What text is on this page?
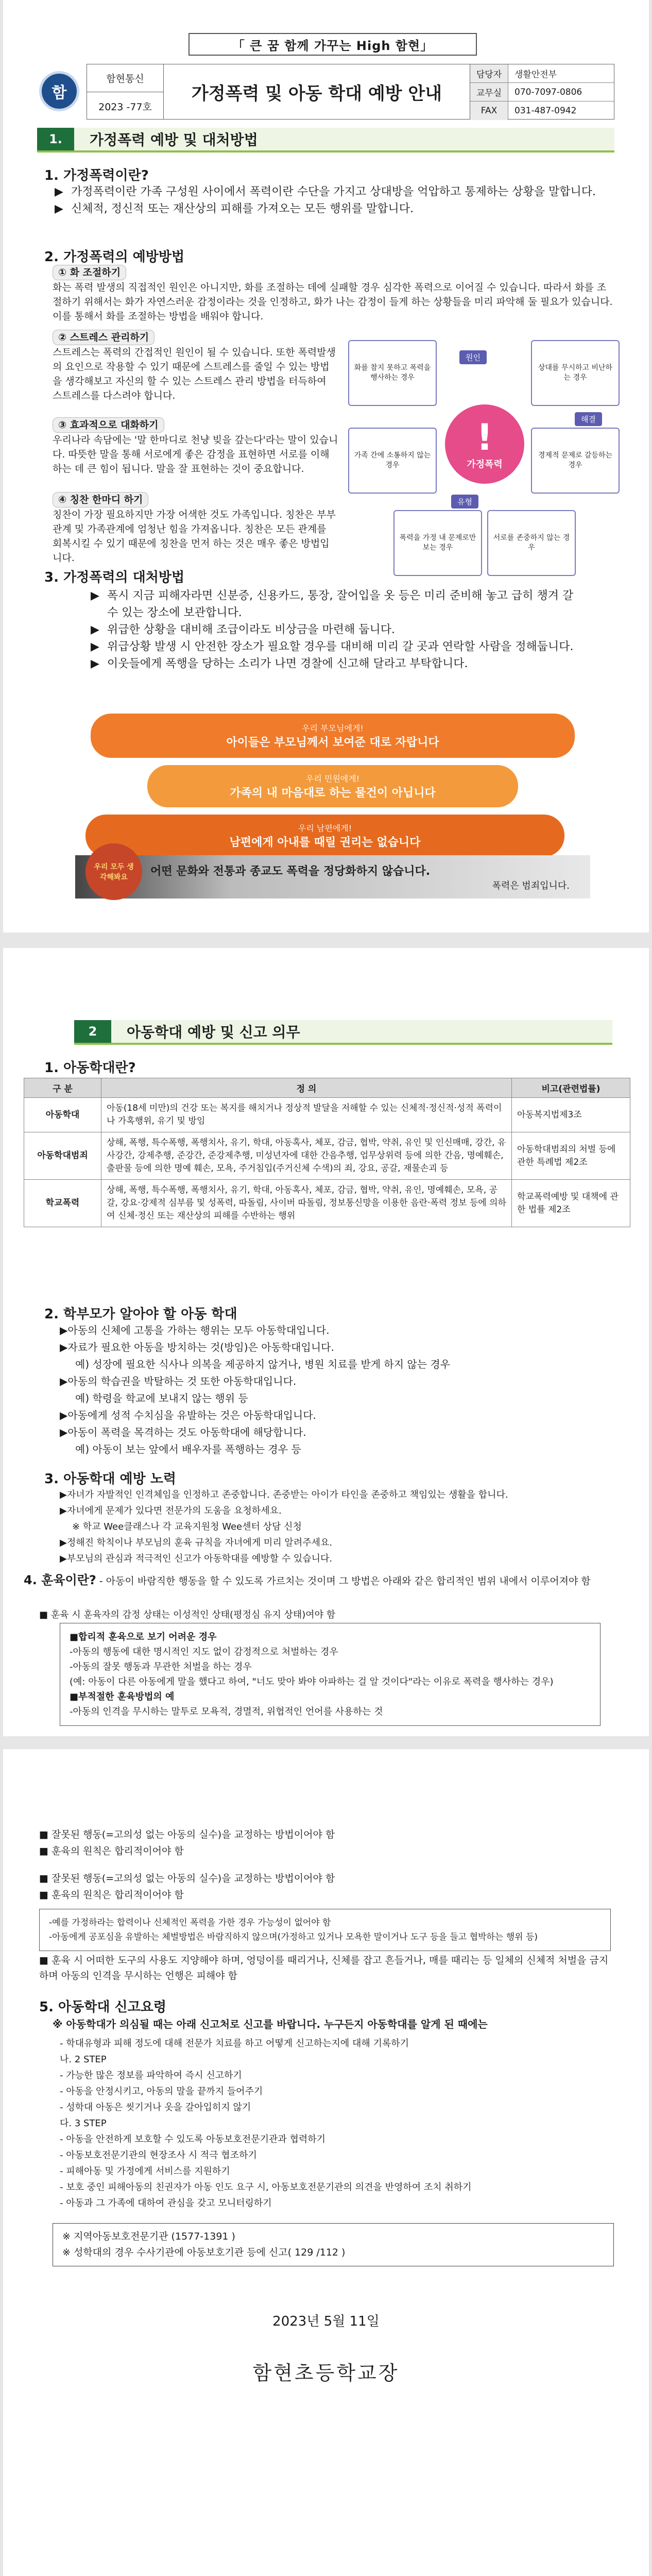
「 큰 꿈 함께 가꾸는 High 함현」
함
함현통신
2023 -77호
가정폭력 및 아동 학대 예방 안내
담당자	생활안전부
교무실	070-7097-0806
FAX	031-487-0942
1.	가정폭력 예방 및 대처방법
1. 가정폭력이란?
▶ 가정폭력이란 가족 구성원 사이에서 폭력이란 수단을 가지고 상대방을 억압하고 통제하는 상황을 말합니다.
▶ 신체적, 정신적 또는 재산상의 피해를 가져오는 모든 행위를 말합니다.
2. 가정폭력의 예방방법
① 화 조절하기
화는 폭력 발생의 직접적인 원인은 아니지만, 화를 조절하는 데에 실패할 경우 심각한 폭력으로 이어질 수 있습니다. 따라서 화를 조절하기 위해서는 화가 자연스러운 감정이라는 것을 인정하고, 화가 나는 감정이 들게 하는 상황들을 미리 파악해 둘 필요가 있습니다. 이를 통해서 화를 조절하는 방법을 배워야 합니다.
② 스트레스 관리하기
스트레스는 폭력의 간접적인 원인이 될 수 있습니다. 또한 폭력발생의 요인으로 작용할 수 있기 때문에 스트레스를 줄일 수 있는 방법을 생각해보고 자신의 할 수 있는 스트레스 관리 방법을 터득하여 스트레스를 다스려야 합니다.
③ 효과적으로 대화하기
우리나라 속담에는 '말 한마디로 천냥 빚을 갚는다'라는 말이 있습니다. 따뜻한 말을 통해 서로에게 좋은 감정을 표현하면 서로를 이해하는 데 큰 힘이 됩니다. 말을 잘 표현하는 것이 중요합니다.
④ 칭찬 한마디 하기
칭찬이 가장 필요하지만 가장 어색한 것도 가족입니다. 칭찬은 부부관계 및 가족관계에 엄청난 힘을 가져옵니다. 칭찬은 모든 관계를 회복시킬 수 있기 때문에 칭찬을 먼저 하는 것은 매우 좋은 방법입니다.
화를 참지 못하고 폭력을 행사하는 경우
상대를 무시하고 비난하는 경우
가족 간에 소통하지 않는 경우
경제적 문제로 갈등하는 경우
폭력을 가정 내 문제로만 보는 경우
서로를 존중하지 않는 경우
!
가정폭력
원인
유형
해결
3. 가정폭력의 대처방법
▶ 폭시 지금 피해자라면 신분증, 신용카드, 통장, 잘어입을 옷 등은 미리 준비해 놓고 급히 챙겨 갈 수 있는 장소에 보관합니다.
▶ 위급한 상황을 대비해 조급이라도 비상금을 마련해 둡니다.
▶ 위급상황 발생 시 안전한 장소가 필요할 경우를 대비해 미리 갈 곳과 연락할 사람을 정해둡니다.
▶ 이웃들에게 폭행을 당하는 소리가 나면 경찰에 신고해 달라고 부탁합니다.
우리 부모님에게!
아이들은 부모님께서 보여준 대로 자랍니다
우리 민원에게!
가족의 내 마음대로 하는 물건이 아닙니다
우리 남편에게!
남편에게 아내를 때릴 권리는 없습니다
우리 모두 생각해봐요	어떤 문화와 전통과 종교도 폭력을 정당화하지 않습니다.
폭력은 범죄입니다.
2	아동학대 예방 및 신고 의무
1. 아동학대란?
구 분	정 의	비고(관련법률)
아동학대	아동(18세 미만)의 건강 또는 복지를 해치거나 정상적 발달을 저해할 수 있는 신체적·정신적·성적 폭력이나 가혹행위, 유기 및 방임	아동복지법제3조
아동학대범죄	상해, 폭행, 특수폭행, 폭행치사, 유기, 학대, 아동혹사, 체포, 감금, 협박, 약취, 유인 및 인신매매, 강간, 유사강간, 강제추행, 준강간, 준강제추행, 미성년자에 대한 간음추행, 업무상위력 등에 의한 간음, 명예훼손, 출판물 등에 의한 명예 훼손, 모욕, 주거침입(주거신체 수색)의 죄, 강요, 공갈, 재물손괴 등	아동학대범죄의 처벌 등에 관한 특례법 제2조
학교폭력	상해, 폭행, 특수폭행, 폭행치사, 유기, 학대, 아동혹사, 체포, 감금, 협박, 약취, 유인, 명예훼손, 모욕, 공갈, 강요·강제적 심부름 및 성폭력, 따돌림, 사이버 따돌림, 정보통신망을 이용한 음란·폭력 정보 등에 의하여 신체·정신 또는 재산상의 피해를 수반하는 행위	학교폭력예방 및 대책에 관한 법률 제2조
2. 학부모가 알아야 할 아동 학대
▶아동의 신체에 고통을 가하는 행위는 모두 아동학대입니다.
▶자료가 필요한 아동을 방치하는 것(방임)은 아동학대입니다.
예) 성장에 필요한 식사나 의복을 제공하지 않거나, 병원 치료를 받게 하지 않는 경우
▶아동의 학습권을 박탈하는 것 또한 아동학대입니다.
예) 학령을 학교에 보내지 않는 행위 등
▶아동에게 성적 수치심을 유발하는 것은 아동학대입니다.
▶아동이 폭력을 목격하는 것도 아동학대에 해당합니다.
예) 아동이 보는 앞에서 배우자를 폭행하는 경우 등
3. 아동학대 예방 노력
▶자녀가 자발적인 인격체임을 인정하고 존중합니다. 존중받는 아이가 타인을 존중하고 책임있는 생활을 합니다.
▶자녀에게 문제가 있다면 전문가의 도움을 요청하세요.
※ 학교 Wee클래스나 각 교육지원청 Wee센터 상담 신청
▶정해진 학칙이나 부모님의 훈육 규칙을 자녀에게 미리 알려주세요.
▶부모님의 관심과 적극적인 신고가 아동학대를 예방할 수 있습니다.
4. 훈육이란? - 아동이 바람직한 행동을 할 수 있도록 가르치는 것이며 그 방법은 아래와 같은 합리적인 범위 내에서 이루어져야 함
■ 훈육 시 훈육자의 감정 상태는 이성적인 상태(평정심 유지 상태)여야 함
■합리적 훈육으로 보기 어려운 경우
-아동의 행동에 대한 명시적인 지도 없이 감정적으로 처벌하는 경우
-아동의 잘못 행동과 무관한 처벌을 하는 경우
(예: 아동이 다른 아동에게 말을 했다고 하여, "너도 맞아 봐야 아파하는 걸 알 것이다"라는 이유로 폭력을 행사하는 경우)
■부적절한 훈육방법의 예
-아동의 인격을 무시하는 말투로 모욕적, 경멸적, 위협적인 언어를 사용하는 것
■ 잘못된 행동(=고의성 없는 아동의 실수)을 교정하는 방법이어야 함
■ 훈육의 원칙은 합리적이어야 함
■ 잘못된 행동(=고의성 없는 아동의 실수)을 교정하는 방법이어야 함
■ 훈육의 원칙은 합리적이어야 함
-예를 가정하라는 합력이나 신체적인 폭력을 가한 경우 가능성이 없어야 함
-아동에게 공포심을 유발하는 체벌방법은 바람직하지 않으며(가정하고 있거나 모욕한 말이거나 도구 등을 들고 협박하는 행위 등)
■ 훈육 시 어떠한 도구의 사용도 지양해야 하며, 엉덩이를 때리거나, 신체를 잡고 흔들거나, 매를 때리는 등 일체의 신체적 처벌을 금지하며 아동의 인격을 무시하는 언행은 피해야 함
5. 아동학대 신고요령
※ 아동학대가 의심될 때는 아래 신고처로 신고를 바랍니다. 누구든지 아동학대를 알게 된 때에는
- 학대유형과 피해 정도에 대해 전문가 치료를 하고 어떻게 신고하는지에 대해 기록하기
나. 2 STEP
- 가능한 많은 정보를 파악하여 즉시 신고하기
- 아동을 안정시키고, 아동의 말을 끝까지 들어주기
- 성학대 아동은 씻기거나 옷을 갈아입히지 않기
다. 3 STEP
- 아동을 안전하게 보호할 수 있도록 아동보호전문기관과 협력하기
- 아동보호전문기관의 현장조사 시 적극 협조하기
- 피해아동 및 가정에게 서비스를 지원하기
- 보호 중인 피해아동의 친권자가 아동 인도 요구 시, 아동보호전문기관의 의견을 반영하여 조치 취하기
- 아동과 그 가족에 대하여 관심을 갖고 모니터링하기
※ 지역아동보호전문기관 (1577-1391 )
※ 성학대의 경우 수사기관에 아동보호기관 등에 신고( 129 /112 )
2023년 5월 11일
함현초등학교장
